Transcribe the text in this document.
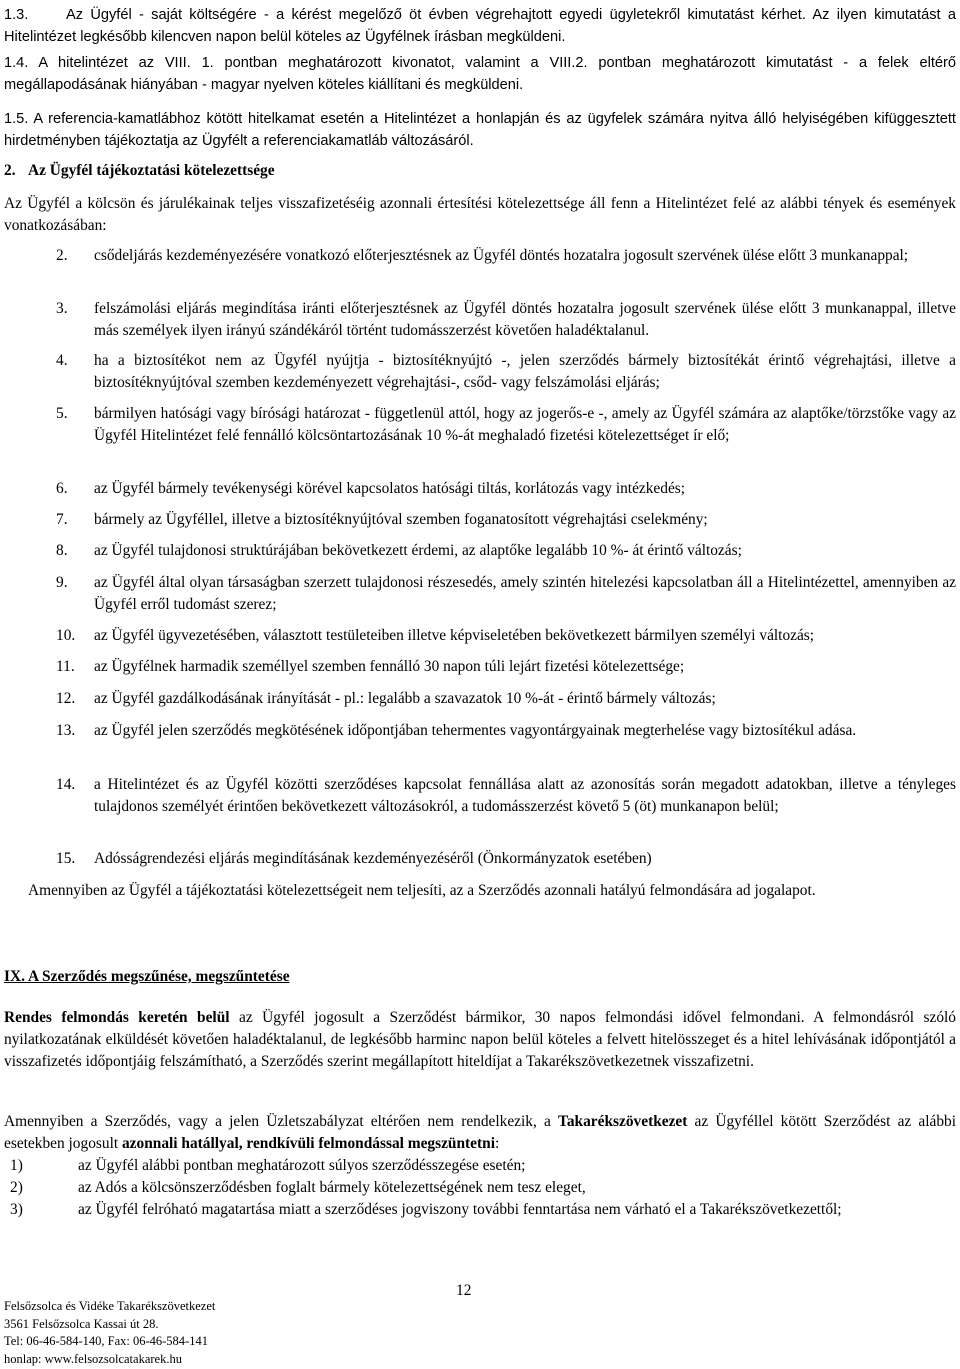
1.3.	Az Ügyfél - saját költségére - a kérést megelőző öt évben végrehajtott egyedi ügyletekről kimutatást kérhet. Az ilyen kimutatást a Hitelintézet legkésőbb kilencven napon belül köteles az Ügyfélnek írásban megküldeni.

1.4. A hitelintézet az VIII. 1. pontban meghatározott kivonatot, valamint a VIII.2. pontban meghatározott kimutatást - a felek eltérő megállapodásának hiányában - magyar nyelven köteles kiállítani és megküldeni.

1.5. A referencia-kamatlábhoz kötött hitelkamat esetén a Hitelintézet a honlapján és az ügyfelek számára nyitva álló helyiségében kifüggesztett hirdetményben tájékoztatja az Ügyfélt a referenciakamatláb változásáról.

2. Az Ügyfél tájékoztatási kötelezettsége

Az Ügyfél a kölcsön és járulékainak teljes visszafizetéséig azonnali értesítési kötelezettsége áll fenn a Hitelintézet felé az alábbi tények és események vonatkozásában:

2.	csődeljárás kezdeményezésére vonatkozó előterjesztésnek az Ügyfél döntés hozatalra jogosult szervének ülése előtt 3 munkanappal;
3.	felszámolási eljárás megindítása iránti előterjesztésnek az Ügyfél döntés hozatalra jogosult szervének ülése előtt 3 munkanappal, illetve más személyek ilyen irányú szándékáról történt tudomásszerzést követően haladéktalanul.
4.	ha a biztosítékot nem az Ügyfél nyújtja - biztosítéknyújtó -, jelen szerződés bármely biztosítékát érintő végrehajtási, illetve a biztosítéknyújtóval szemben kezdeményezett végrehajtási-, csőd- vagy felszámolási eljárás;
5.	bármilyen hatósági vagy bírósági határozat - függetlenül attól, hogy az jogerős-e -, amely az Ügyfél számára az alaptőke/törzstőke vagy az Ügyfél Hitelintézet felé fennálló kölcsöntartozásának 10 %-át meghaladó fizetési kötelezettséget ír elő;
6.	az Ügyfél bármely tevékenységi körével kapcsolatos hatósági tiltás, korlátozás vagy intézkedés;
7.	bármely az Ügyféllel, illetve a biztosítéknyújtóval szemben foganatosított végrehajtási cselekmény;
8.	az Ügyfél tulajdonosi struktúrájában bekövetkezett érdemi, az alaptőke legalább 10 %- át érintő változás;
9.	az Ügyfél által olyan társaságban szerzett tulajdonosi részesedés, amely szintén hitelezési kapcsolatban áll a Hitelintézettel, amennyiben az Ügyfél erről tudomást szerez;
10.	az Ügyfél ügyvezetésében, választott testületeiben illetve képviseletében bekövetkezett bármilyen személyi változás;
11.	az Ügyfélnek harmadik személlyel szemben fennálló 30 napon túli lejárt fizetési kötelezettsége;
12.	az Ügyfél gazdálkodásának irányítását - pl.: legalább a szavazatok 10 %-át - érintő bármely változás;
13.	az Ügyfél jelen szerződés megkötésének időpontjában tehermentes vagyontárgyainak megterhelése vagy biztosítékul adása.
14.	a Hitelintézet és az Ügyfél közötti szerződéses kapcsolat fennállása alatt az azonosítás során megadott adatokban, illetve a tényleges tulajdonos személyét érintően bekövetkezett változásokról, a tudomásszerzést követő 5 (öt) munkanapon belül;
15.	Adósságrendezési eljárás megindításának kezdeményezéséről (Önkormányzatok esetében)

Amennyiben az Ügyfél a tájékoztatási kötelezettségeit nem teljesíti, az a Szerződés azonnali hatályú felmondására ad jogalapot.

IX. A Szerződés megszűnése, megszűntetése

Rendes felmondás keretén belül az Ügyfél jogosult a Szerződést bármikor, 30 napos felmondási idővel felmondani. A felmondásról szóló nyilatkozatának elküldését követően haladéktalanul, de legkésőbb harminc napon belül köteles a felvett hitelösszeget és a hitel lehívásának időpontjától a visszafizetés időpontjáig felszámítható, a Szerződés szerint megállapított hiteldíjat a Takarékszövetkezetnek visszafizetni.

Amennyiben a Szerződés, vagy a jelen Üzletszabályzat eltérően nem rendelkezik, a Takarékszövetkezet az Ügyféllel kötött Szerződést az alábbi esetekben jogosult azonnali hatállyal, rendkívüli felmondással megszüntetni:

1)	az Ügyfél alábbi pontban meghatározott súlyos szerződésszegése esetén;
2)	az Adós a kölcsönszerződésben foglalt bármely kötelezettségének nem tesz eleget,
3)	az Ügyfél felróható magatartása miatt a szerződéses jogviszony további fenntartása nem várható el a Takarékszövetkezettől;
12
Felsőzsolca és Vidéke Takarékszövetkezet
3561 Felsőzsolca Kassai út 28.
Tel: 06-46-584-140, Fax: 06-46-584-141
honlap: www.felsozsolcatakarek.hu
